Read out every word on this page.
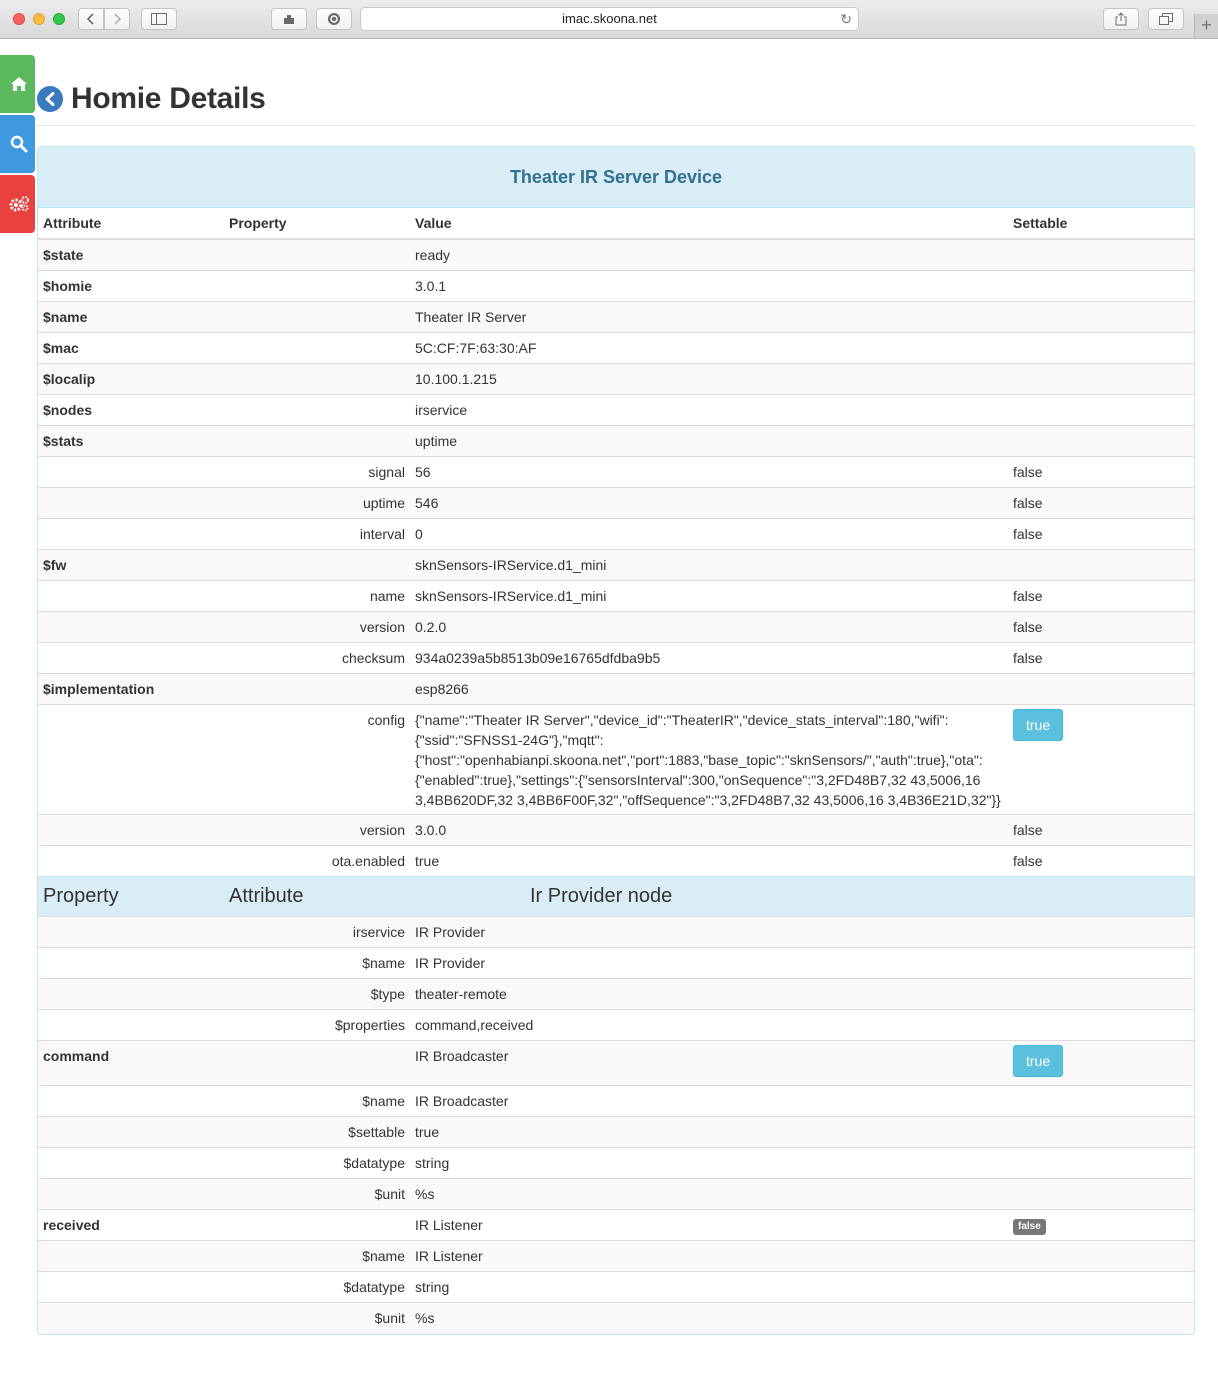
imac.skoona.net	↻	+
Homie Details
Theater IR Server Device
Attribute	Property	Value	Settable
$state		ready	
$homie		3.0.1	
$name		Theater IR Server	
$mac		5C:CF:7F:63:30:AF	
$localip		10.100.1.215	
$nodes		irservice	
$stats		uptime	
	signal	56	false
	uptime	546	false
	interval	0	false
$fw		sknSensors-IRService.d1_mini	
	name	sknSensors-IRService.d1_mini	false
	version	0.2.0	false
	checksum	934a0239a5b8513b09e16765dfdba9b5	false
$implementation		esp8266	
	config	{"name":"Theater IR Server","device_id":"TheaterIR","device_stats_interval":180,"wifi":{"ssid":"SFNSS1-24G"},"mqtt":{"host":"openhabianpi.skoona.net","port":1883,"base_topic":"sknSensors/","auth":true},"ota":{"enabled":true},"settings":{"sensorsInterval":300,"onSequence":"3,2FD48B7,32 43,5006,16 3,4BB620DF,32 3,4BB6F00F,32","offSequence":"3,2FD48B7,32 43,5006,16 3,4B36E21D,32"}}	true
	version	3.0.0	false
	ota.enabled	true	false
Property	Attribute	Ir Provider node	
	irservice	IR Provider	
	$name	IR Provider	
	$type	theater-remote	
	$properties	command,received	
command		IR Broadcaster	true
	$name	IR Broadcaster	
	$settable	true	
	$datatype	string	
	$unit	%s	
received		IR Listener	false
	$name	IR Listener	
	$datatype	string	
	$unit	%s	
